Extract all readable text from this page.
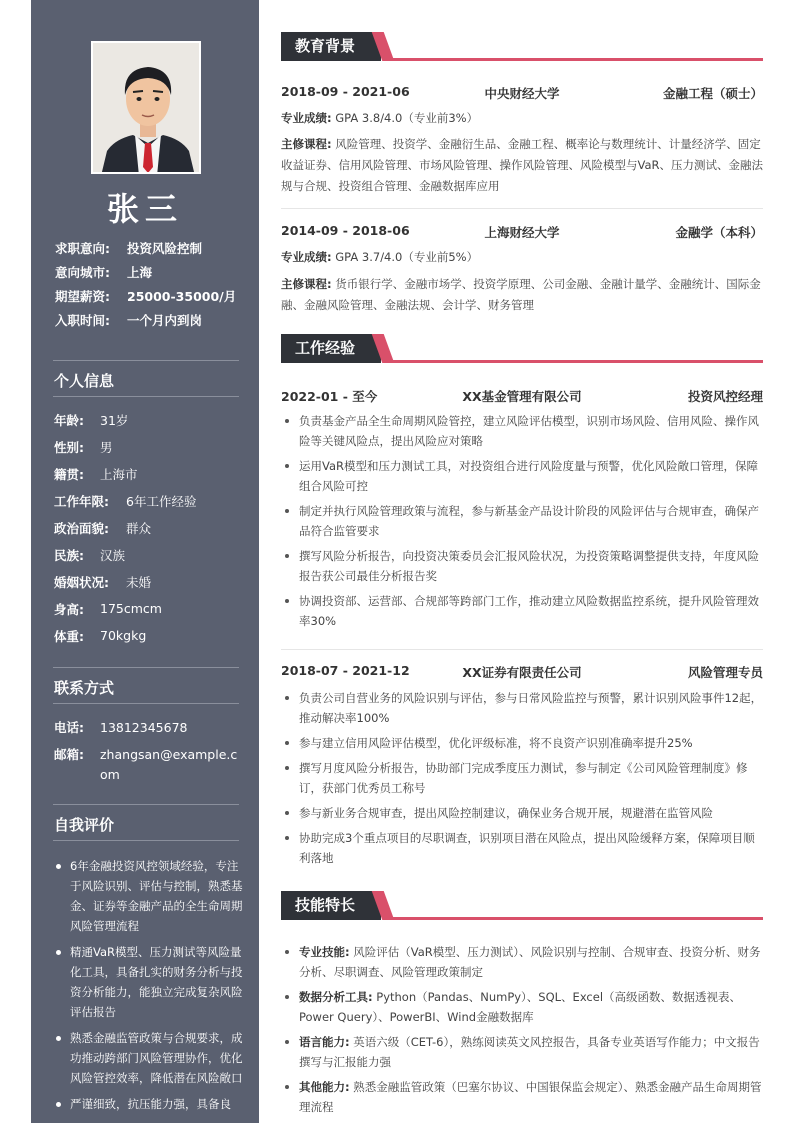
张三
求职意向:	投资风险控制
意向城市:	上海
期望薪资:	25000-35000/月
入职时间:	一个月内到岗
个人信息
年龄:	31岁
性别:	男
籍贯:	上海市
工作年限:	6年工作经验
政治面貌:	群众
民族:	汉族
婚姻状况:	未婚
身高:	175cmcm
体重:	70kgkg
联系方式
电话:	13812345678
邮箱:	zhangsan@example.com
自我评价
6年金融投资风控领域经验，专注于风险识别、评估与控制，熟悉基金、证券等金融产品的全生命周期风险管理流程
精通VaR模型、压力测试等风险量化工具，具备扎实的财务分析与投资分析能力，能独立完成复杂风险评估报告
熟悉金融监管政策与合规要求，成功推动跨部门风险管理协作，优化风险管控效率，降低潜在风险敞口
严谨细致，抗压能力强，具备良
教育背景
2018-09 - 2021-06	中央财经大学	金融工程（硕士）
专业成绩: GPA 3.8/4.0（专业前3%）
主修课程: 风险管理、投资学、金融衍生品、金融工程、概率论与数理统计、计量经济学、固定收益证券、信用风险管理、市场风险管理、操作风险管理、风险模型与VaR、压力测试、金融法规与合规、投资组合管理、金融数据库应用
2014-09 - 2018-06	上海财经大学	金融学（本科）
专业成绩: GPA 3.7/4.0（专业前5%）
主修课程: 货币银行学、金融市场学、投资学原理、公司金融、金融计量学、金融统计、国际金融、金融风险管理、金融法规、会计学、财务管理
工作经验
2022-01 - 至今	XX基金管理有限公司	投资风控经理
负责基金产品全生命周期风险管控，建立风险评估模型，识别市场风险、信用风险、操作风险等关键风险点，提出风险应对策略
运用VaR模型和压力测试工具，对投资组合进行风险度量与预警，优化风险敞口管理，保障组合风险可控
制定并执行风险管理政策与流程，参与新基金产品设计阶段的风险评估与合规审查，确保产品符合监管要求
撰写风险分析报告，向投资决策委员会汇报风险状况，为投资策略调整提供支持，年度风险报告获公司最佳分析报告奖
协调投资部、运营部、合规部等跨部门工作，推动建立风险数据监控系统，提升风险管理效率30%
2018-07 - 2021-12	XX证券有限责任公司	风险管理专员
负责公司自营业务的风险识别与评估，参与日常风险监控与预警，累计识别风险事件12起，推动解决率100%
参与建立信用风险评估模型，优化评级标准，将不良资产识别准确率提升25%
撰写月度风险分析报告，协助部门完成季度压力测试，参与制定《公司风险管理制度》修订，获部门优秀员工称号
参与新业务合规审查，提出风险控制建议，确保业务合规开展，规避潜在监管风险
协助完成3个重点项目的尽职调查，识别项目潜在风险点，提出风险缓释方案，保障项目顺利落地
技能特长
专业技能: 风险评估（VaR模型、压力测试）、风险识别与控制、合规审查、投资分析、财务分析、尽职调查、风险管理政策制定
数据分析工具: Python（Pandas、NumPy）、SQL、Excel（高级函数、数据透视表、Power Query）、PowerBI、Wind金融数据库
语言能力: 英语六级（CET-6），熟练阅读英文风控报告，具备专业英语写作能力；中文报告撰写与汇报能力强
其他能力: 熟悉金融监管政策（巴塞尔协议、中国银保监会规定）、熟悉金融产品生命周期管理流程
